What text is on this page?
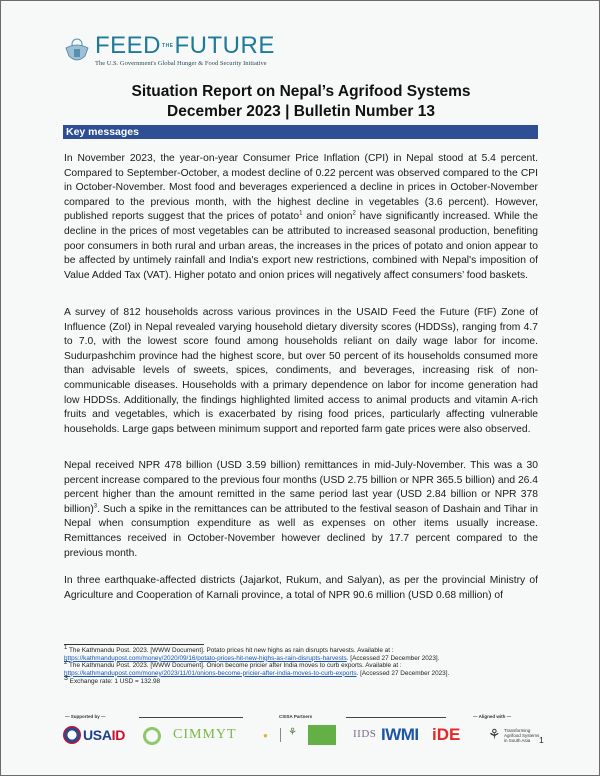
FEED THE FUTURE
The U.S. Government's Global Hunger & Food Security Initiative
Situation Report on Nepal’s Agrifood Systems
December 2023 | Bulletin Number 13
Key messages
In November 2023, the year-on-year Consumer Price Inflation (CPI) in Nepal stood at 5.4 percent. Compared to September-October, a modest decline of 0.22 percent was observed compared to the CPI in October-November. Most food and beverages experienced a decline in prices in October-November compared to the previous month, with the highest decline in vegetables (3.6 percent). However, published reports suggest that the prices of potato$^1$ and onion$^2$ have significantly increased. While the decline in the prices of most vegetables can be attributed to increased seasonal production, benefiting poor consumers in both rural and urban areas, the increases in the prices of potato and onion appear to be affected by untimely rainfall and India's export new restrictions, combined with Nepal's imposition of Value Added Tax (VAT). Higher potato and onion prices will negatively affect consumers’ food baskets.
A survey of 812 households across various provinces in the USAID Feed the Future (FtF) Zone of Influence (ZoI) in Nepal revealed varying household dietary diversity scores (HDDSs), ranging from 4.7 to 7.0, with the lowest score found among households reliant on daily wage labor for income. Sudurpashchim province had the highest score, but over 50 percent of its households consumed more than advisable levels of sweets, spices, condiments, and beverages, increasing risk of non-communicable diseases. Households with a primary dependence on labor for income generation had low HDDSs. Additionally, the findings highlighted limited access to animal products and vitamin A-rich fruits and vegetables, which is exacerbated by rising food prices, particularly affecting vulnerable households. Large gaps between minimum support and reported farm gate prices were also observed.
Nepal received NPR 478 billion (USD 3.59 billion) remittances in mid-July-November. This was a 30 percent increase compared to the previous four months (USD 2.75 billion or NPR 365.5 billion) and 26.4 percent higher than the amount remitted in the same period last year (USD 2.84 billion or NPR 378 billion)$^3$. Such a spike in the remittances can be attributed to the festival season of Dashain and Tihar in Nepal when consumption expenditure as well as expenses on other items usually increase. Remittances received in October-November however declined by 17.7 percent compared to the previous month.
In three earthquake-affected districts (Jajarkot, Rukum, and Salyan), as per the provincial Ministry of Agriculture and Cooperation of Karnali province, a total of NPR 90.6 million (USD 0.68 million) of
$^1$ The Kathmandu Post. 2023. [WWW Document]. Potato prices hit new highs as rain disrupts harvests. Available at :
https://kathmandupost.com/money/2020/09/16/potato-prices-hit-new-highs-as-rain-disrupts-harvests. [Accessed 27 December 2023].
$^2$ The Kathmandu Post. 2023. [WWW Document]. Onion become pricier after India moves to curb exports. Available at :
https://kathmandupost.com/money/2023/11/01/onions-become-pricier-after-india-moves-to-curb-exports. [Accessed 27 December 2023].
$^3$ Exchange rate: 1 USD = 132.98
— Supported by —	CSISA Partners	— Aligned with —
USAID	CIMMYT	● ⚘	IIDS IWMI iDE ⚘ Transforming
Agrifood Systems
in South Asia	1
